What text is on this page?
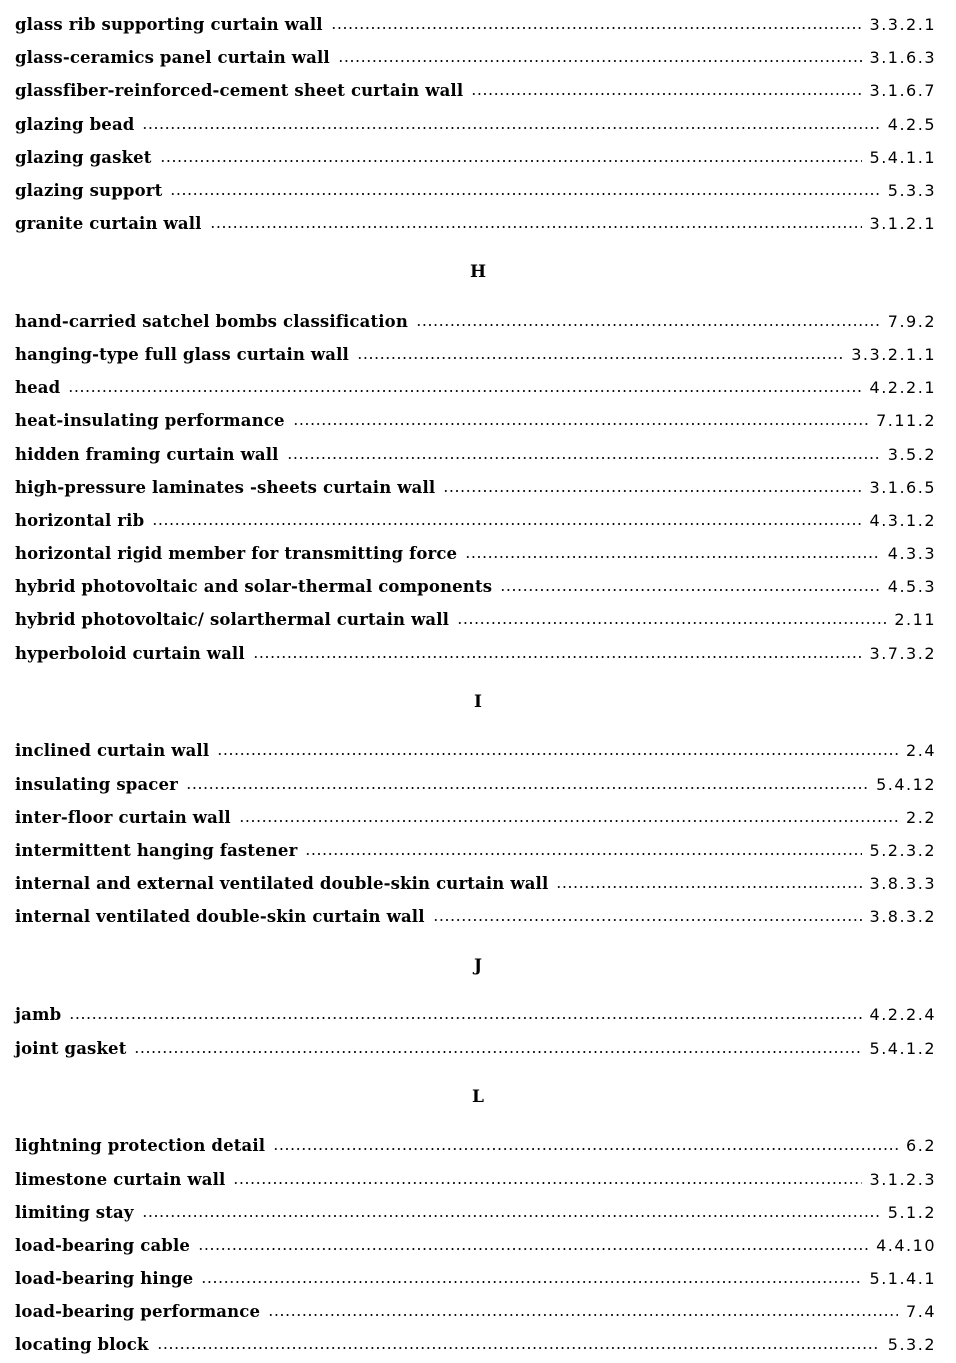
glass rib supporting curtain wall	3.3.2.1
glass-ceramics panel curtain wall	3.1.6.3
glassfiber-reinforced-cement sheet curtain wall	3.1.6.7
glazing bead	4.2.5
glazing gasket	5.4.1.1
glazing support	5.3.3
granite curtain wall	3.1.2.1
H
hand-carried satchel bombs classification	7.9.2
hanging-type full glass curtain wall	3.3.2.1.1
head	4.2.2.1
heat-insulating performance	7.11.2
hidden framing curtain wall	3.5.2
high-pressure laminates -sheets curtain wall	3.1.6.5
horizontal rib	4.3.1.2
horizontal rigid member for transmitting force	4.3.3
hybrid photovoltaic and solar-thermal components	4.5.3
hybrid photovoltaic/ solarthermal curtain wall	2.11
hyperboloid curtain wall	3.7.3.2
I
inclined curtain wall	2.4
insulating spacer	5.4.12
inter-floor curtain wall	2.2
intermittent hanging fastener	5.2.3.2
internal and external ventilated double-skin curtain wall	3.8.3.3
internal ventilated double-skin curtain wall	3.8.3.2
J
jamb	4.2.2.4
joint gasket	5.4.1.2
L
lightning protection detail	6.2
limestone curtain wall	3.1.2.3
limiting stay	5.1.2
load-bearing cable	4.4.10
load-bearing hinge	5.1.4.1
load-bearing performance	7.4
locating block	5.3.2
